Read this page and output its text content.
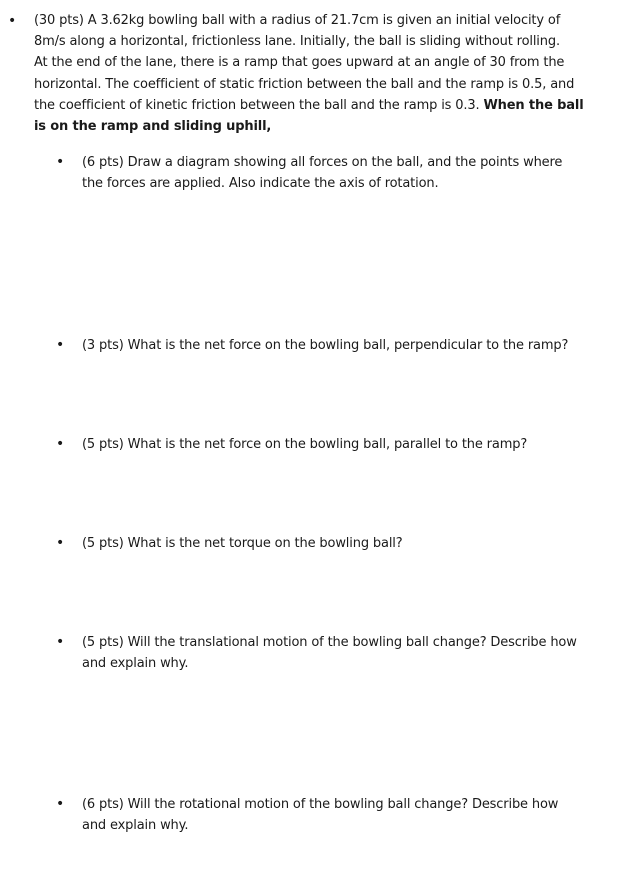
• (30 pts) A 3.62kg bowling ball with a radius of 21.7cm is given an initial velocity of
8m/s along a horizontal, frictionless lane. Initially, the ball is sliding without rolling.
At the end of the lane, there is a ramp that goes upward at an angle of 30 from the
horizontal. The coefficient of static friction between the ball and the ramp is 0.5, and
the coefficient of kinetic friction between the ball and the ramp is 0.3. When the ball
is on the ramp and sliding uphill,
• (6 pts) Draw a diagram showing all forces on the ball, and the points where
the forces are applied. Also indicate the axis of rotation.
• (3 pts) What is the net force on the bowling ball, perpendicular to the ramp?
• (5 pts) What is the net force on the bowling ball, parallel to the ramp?
• (5 pts) What is the net torque on the bowling ball?
• (5 pts) Will the translational motion of the bowling ball change? Describe how
and explain why.
• (6 pts) Will the rotational motion of the bowling ball change? Describe how
and explain why.
